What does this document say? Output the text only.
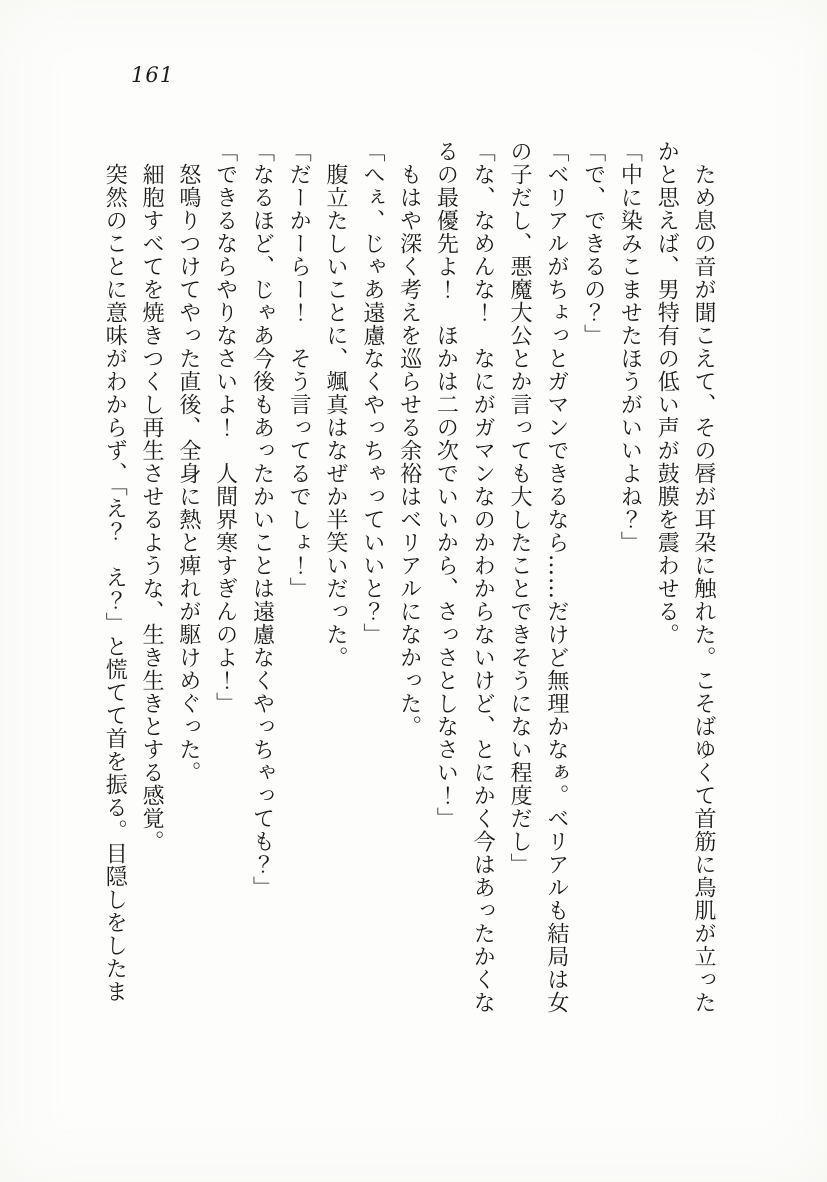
161

　ため息の音が聞こえて、その唇が耳朶に触れた。こそばゆくて首筋に鳥肌が立った

かと思えば、男特有の低い声が鼓膜を震わせる。

「中に染みこませたほうがいいよね？」

「で、できるの？」

「ベリアルがちょっとガマンできるなら……だけど無理かなぁ。ベリアルも結局は女

の子だし、悪魔大公とか言っても大したことできそうにない程度だし」

「な、なめんな！　なにがガマンなのかわからないけど、とにかく今はあったかくな

るの最優先よ！　ほかは二の次でいいから、さっさとしなさい！」

　もはや深く考えを巡らせる余裕はベリアルになかった。

「へぇ、じゃあ遠慮なくやっちゃっていいと？」

　腹立たしいことに、颯真はなぜか半笑いだった。

「だーかーらー！　そう言ってるでしょ！」

「なるほど、じゃあ今後もあったかいことは遠慮なくやっちゃっても？」

「できるならやりなさいよ！　人間界寒すぎんのよ！」

　怒鳴りつけてやった直後、全身に熱と痺れが駆けめぐった。

　細胞すべてを焼きつくし再生させるような、生き生きとする感覚。

　突然のことに意味がわからず、「え？　え？」と慌てて首を振る。目隠しをしたま
